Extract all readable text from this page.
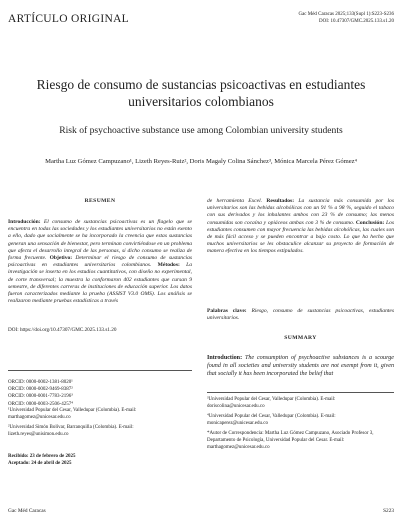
ARTÍCULO ORIGINAL	Gac Méd Caracas 2025;133(Supl 1):S223-S236
DOI: 10.47307/GMC.2025.133.s1.20
Riesgo de consumo de sustancias psicoactivas en estudiantes universitarios colombianos
Risk of psychoactive substance use among Colombian university students
Martha Luz Gómez Campuzano¹, Lizeth Reyes-Ruiz², Doris Magaly Colina Sánchez³, Mónica Marcela Pérez Gómez⁴
RESUMEN
Introducción: El consumo de sustancias psicoactivas es un flagelo que se encuentra en todas las sociedades y los estudiantes universitarios no están exento a ello, dado que socialmente se ha incorporado la creencia que estas sustancias generan una sensación de bienestar, pero terminan convirtiéndose en un problema que afecta el desarrollo integral de las personas, si dicho consumo se realiza de forma frecuente. Objetivo: Determinar el riesgo de consumo de sustancias psicoactivas en estudiantes universitarios colombianos. Métodos: La investigación se inserta en los estudios cuantitativos, con diseño no experimental, de corte transversal; la muestra la conformaron 402 estudiantes que cursan 9 semestre, de diferentes carreras de instituciones de educación superior. Los datos fueron caracterizados mediante la prueba (ASSIST V3.0 OMS). Los análisis se realizaron mediante pruebas estadísticas a través
de herramienta Excel. Resultados: La sustancia más consumida por los universitarios son las bebidas alcohólicas con un 91 % a 98 %, seguido el tabaco con sus derivados y los inhalantes ambos con 23 % de consumo; las menos consumidas son cocaína y opiáceos ambas con 3 % de consumo. Conclusión: Los estudiantes consumen con mayor frecuencia las bebidas alcohólicas, las cuales son de más fácil acceso y se pueden encontrar a bajo costo. Lo que ha hecho que muchos universitarios se les obstaculice alcanzar su proyecto de formación de manera efectiva en los tiempos estipulados.
Palabras clave: Riesgo, consumo de sustancias psicoactivas, estudiantes universitarios.
SUMMARY
Introduction: The consumption of psychoactive substances is a scourge found in all societies and university students are not exempt from it, given that socially it has been incorporated the belief that
DOI: https://doi.org/10.47307/GMC.2025.133.s1.20
ORCID: 0000-0002-1381-8020¹
ORCID: 0000-0002-9469-8387²
ORCID: 0000-0001-7783-2196³
ORCID: 0000-0003-2506-4257⁴

¹Universidad Popular del Cesar, Valledupar (Colombia). E-mail: marthagomez@unicesar.edu.co

²Universidad Simón Bolívar, Barranquilla (Colombia). E-mail: lizeth.reyes@unisimon.edu.co

Recibido: 23 de febrero de 2025
Aceptado: 24 de abril de 2025

³Universidad Popular del Cesar, Valledupar (Colombia). E-mail: doriscolina@unicesar.edu.co

⁴Universidad Popular del Cesar, Valledupar (Colombia). E-mail: monicaperez@unicesar.edu.co

*Autor de Correspondencia: Martha Luz Gómez Campuzano, Asociado Profesor 3, Departamento de Psicología, Universidad Popular del Cesar. E-mail: marthagomez@unicesar.edu.co

Gac Méd Caracas	S223
